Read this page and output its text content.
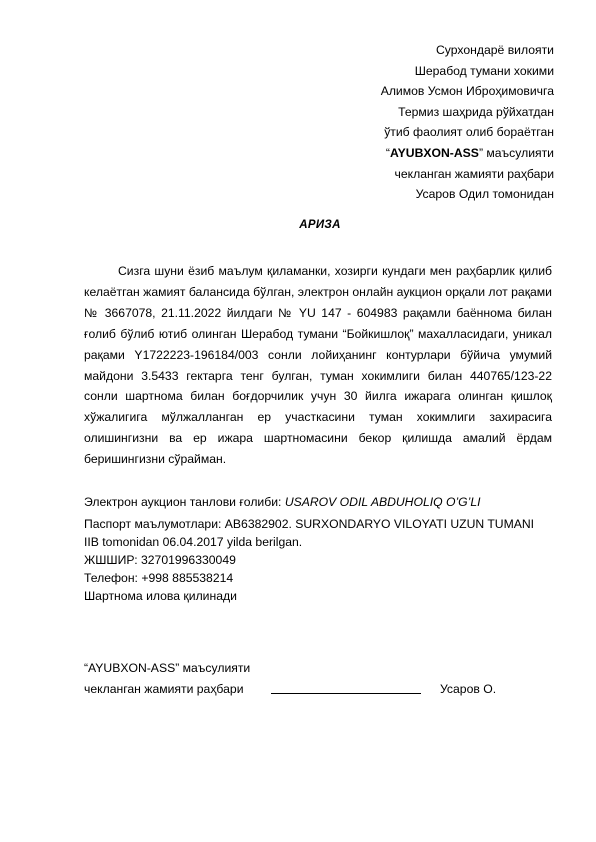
Сурхондарё вилояти
Шерабод тумани хокими
Алимов Усмон Иброҳимовичга
Термиз шаҳрида рўйхатдан
ўтиб фаолият олиб бораётган
“AYUBXON-ASS” маъсулияти
чекланган жамияти раҳбари
Усаров Одил томонидан
АРИЗА
Сизга шуни ёзиб маълум қиламанки, хозирги кундаги мен раҳбарлик қилиб келаётган жамият балансида бўлган, электрон онлайн аукцион орқали лот рақами № 3667078, 21.11.2022 йилдаги № YU 147 - 604983 рақамли баённома билан ғолиб бўлиб ютиб олинган Шерабод тумани “Бойкишлоқ” махалласидаги, уникал рақами Y1722223-196184/003 сонли лойиҳанинг контурлари бўйича умумий майдони 3.5433 гектарга тенг булган, туман хокимлиги билан 440765/123-22 сонли шартнома билан боғдорчилик учун 30 йилга ижарага олинган қишлоқ хўжалигига мўлжалланган ер участкасини туман хокимлиги захирасига олишингизни ва ер ижара шартномасини бекор қилишда амалий ёрдам беришингизни сўрайман.
Электрон аукцион танлови ғолиби: USAROV ODIL ABDUHOLIQ O’G’LI
Паспорт маълумотлари: АВ6382902. SURXONDARYO VILOYATI UZUN TUMANI
IIB tomonidan 06.04.2017 yilda berilgan.
ЖШШИР: 32701996330049
Телефон: +998 885538214
Шартнома илова қилинади
“AYUBXON-ASS” маъсулияти
чекланган жамияти раҳбари	Усаров О.
